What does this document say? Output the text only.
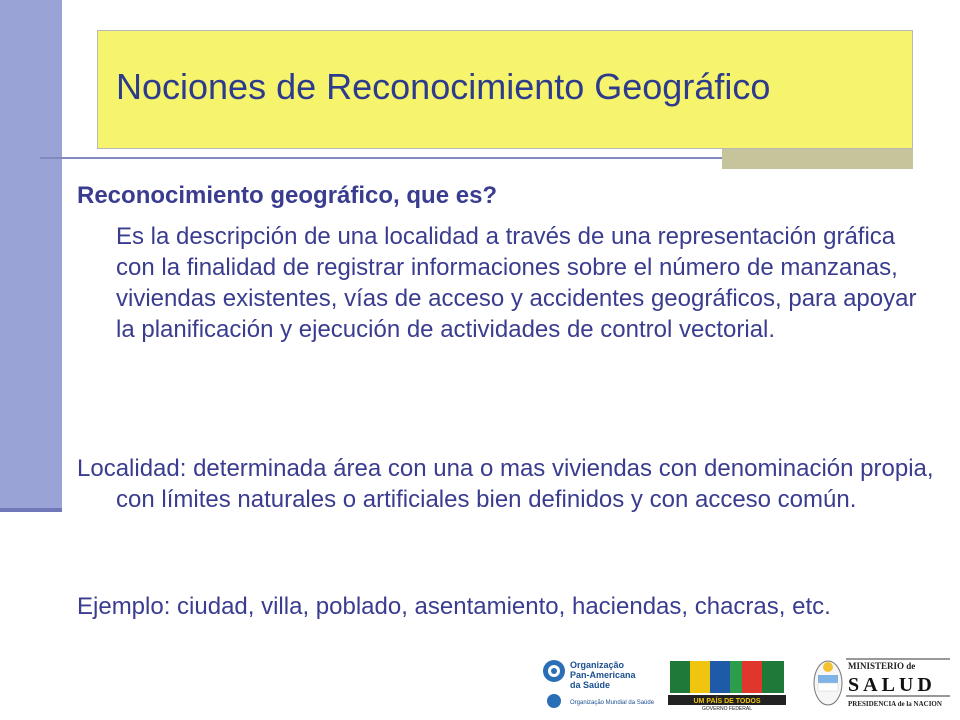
Nociones de Reconocimiento Geográfico
Reconocimiento geográfico, que es?
Es la descripción de una localidad a través de una representación gráfica con la finalidad de registrar informaciones sobre el número de manzanas, viviendas existentes, vías de acceso y accidentes geográficos, para apoyar la planificación y ejecución de actividades de control vectorial.
Localidad: determinada área con una o mas viviendas con denominación propia, con límites naturales o artificiales bien definidos y con acceso común.
Ejemplo: ciudad, villa, poblado, asentamiento, haciendas, chacras, etc.
Organização
Pan-Americana
da Saúde
Organização Mundial da Saúde	UM PAÍS DE TODOS
GOVERNO FEDERAL
MINISTERIO de
SALUD
PRESIDENCIA de la NACION
